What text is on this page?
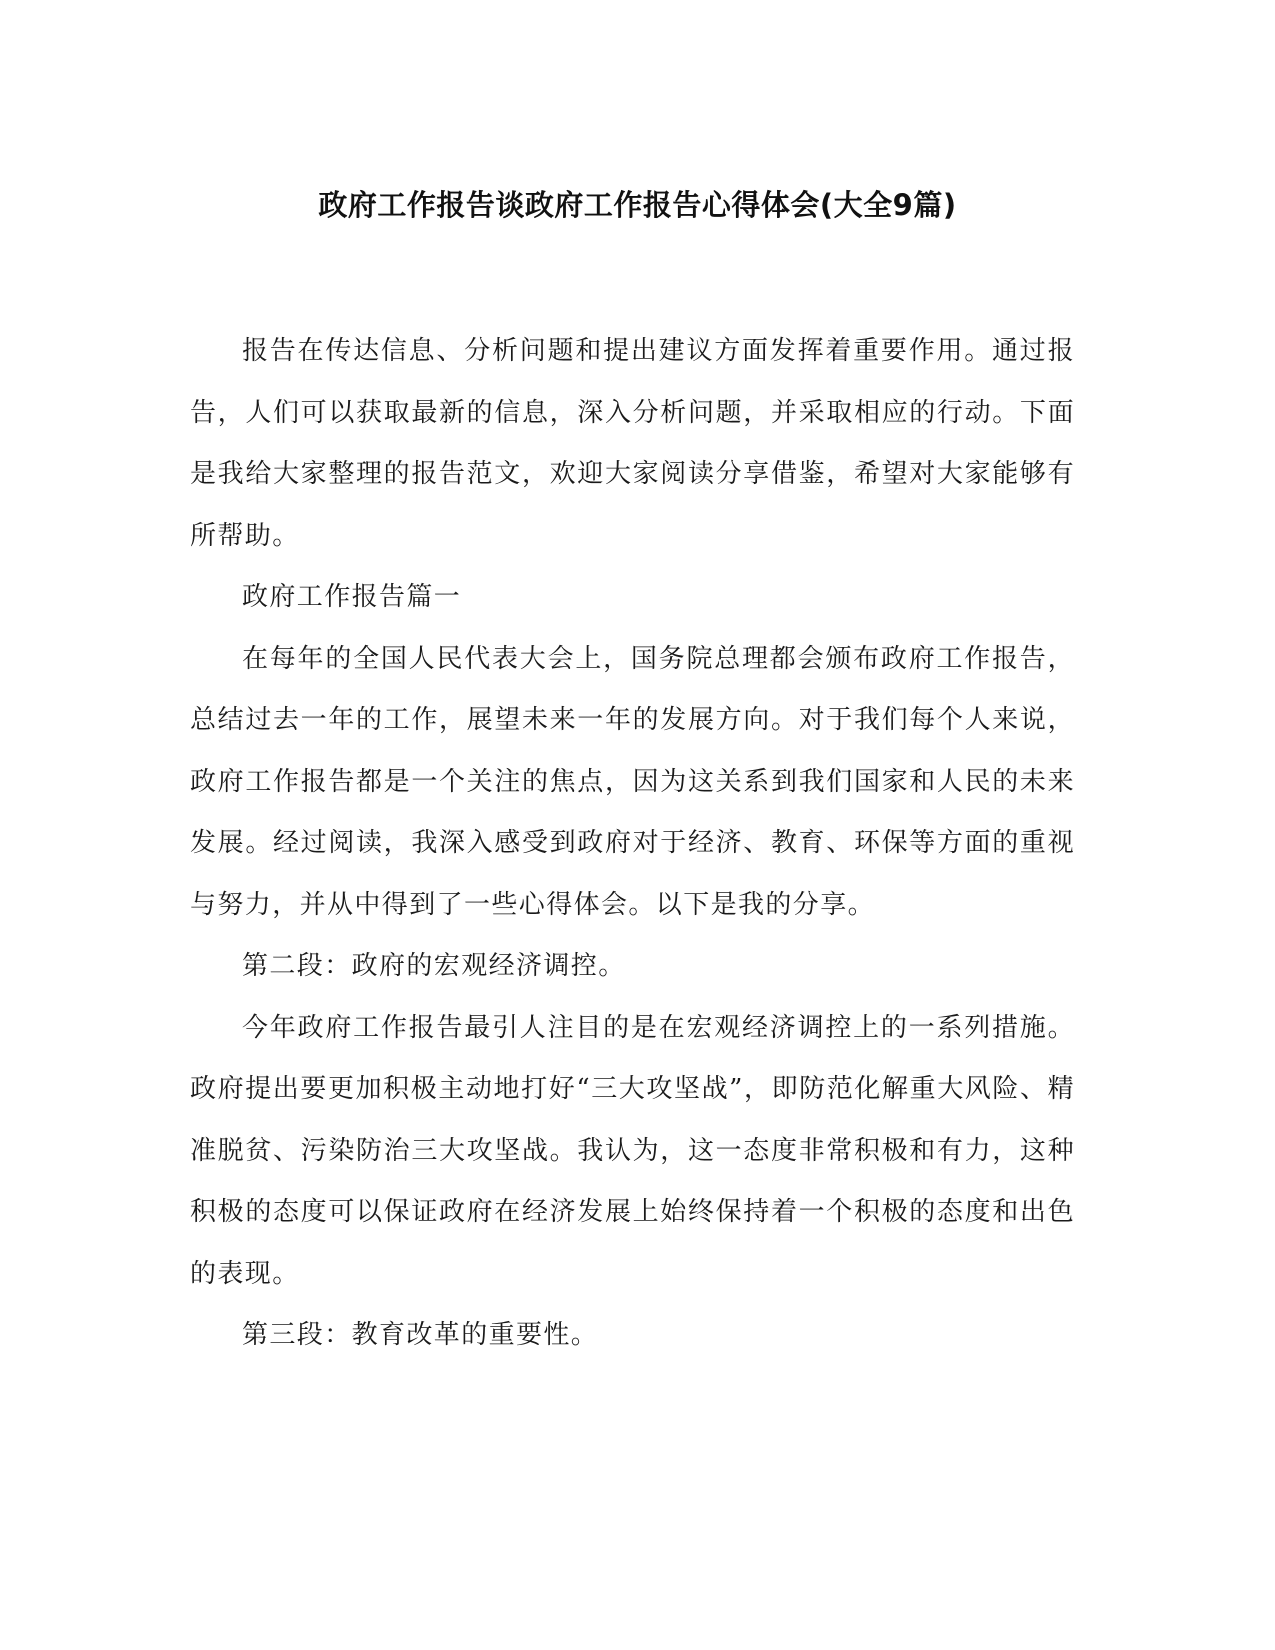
政府工作报告谈政府工作报告心得体会(大全9篇)

报告在传达信息、分析问题和提出建议方面发挥着重要作用。通过报告，人们可以获取最新的信息，深入分析问题，并采取相应的行动。下面是我给大家整理的报告范文，欢迎大家阅读分享借鉴，希望对大家能够有所帮助。

政府工作报告篇一

在每年的全国人民代表大会上，国务院总理都会颁布政府工作报告，总结过去一年的工作，展望未来一年的发展方向。对于我们每个人来说，政府工作报告都是一个关注的焦点，因为这关系到我们国家和人民的未来发展。经过阅读，我深入感受到政府对于经济、教育、环保等方面的重视与努力，并从中得到了一些心得体会。以下是我的分享。

第二段：政府的宏观经济调控。

今年政府工作报告最引人注目的是在宏观经济调控上的一系列措施。政府提出要更加积极主动地打好“三大攻坚战”，即防范化解重大风险、精准脱贫、污染防治三大攻坚战。我认为，这一态度非常积极和有力，这种积极的态度可以保证政府在经济发展上始终保持着一个积极的态度和出色的表现。

第三段：教育改革的重要性。
